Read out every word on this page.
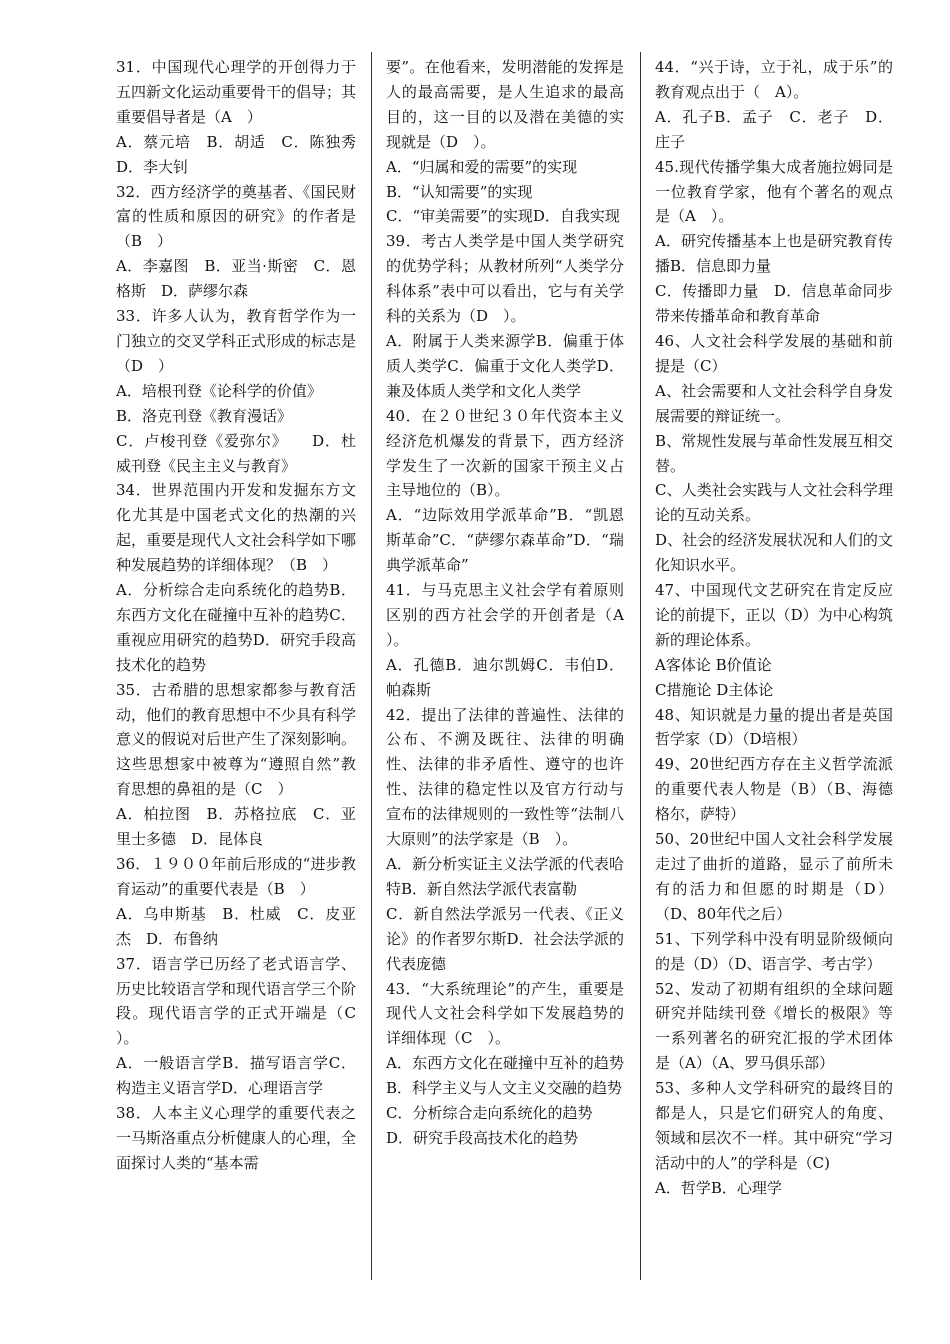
31．中国现代心理学的开创得力于五四新文化运动重要骨干的倡导；其重要倡导者是（A　）

A．蔡元培　B．胡适　C．陈独秀　D．李大钊

32．西方经济学的奠基者、《国民财富的性质和原因的研究》的作者是（B　）

A．李嘉图　B．亚当·斯密　C．恩格斯　D．萨缪尔森

33．许多人认为，教育哲学作为一门独立的交叉学科正式形成的标志是（D　）

A．培根刊登《论科学的价值》

B．洛克刊登《教育漫话》

C．卢梭刊登《爱弥尔》　　D．杜威刊登《民主主义与教育》

34．世界范围内开发和发掘东方文化尤其是中国老式文化的热潮的兴起，重要是现代人文社会科学如下哪种发展趋势的详细体现？（B　）

A．分析综合走向系统化的趋势B．东西方文化在碰撞中互补的趋势C．重视应用研究的趋势D．研究手段高技术化的趋势

35．古希腊的思想家都参与教育活动，他们的教育思想中不少具有科学意义的假说对后世产生了深刻影响。这些思想家中被尊为“遵照自然”教育思想的鼻祖的是（C　）

A．柏拉图　B．苏格拉底　C．亚里士多德　D．昆体良

36．１９００年前后形成的“进步教育运动”的重要代表是（B　）

A．乌申斯基　B．杜威　C．皮亚杰　D．布鲁纳

37．语言学已历经了老式语言学、历史比较语言学和现代语言学三个阶段。现代语言学的正式开端是（C　）。

A．一般语言学B．描写语言学C．构造主义语言学D．心理语言学

38．人本主义心理学的重要代表之一马斯洛重点分析健康人的心理，全面探讨人类的“基本需

要”。在他看来，发明潜能的发挥是人的最高需要，是人生追求的最高目的，这一目的以及潜在美德的实现就是（D　）。

A．“归属和爱的需要”的实现

B．“认知需要”的实现

C．“审美需要”的实现D．自我实现

39．考古人类学是中国人类学研究的优势学科；从教材所列“人类学分科体系”表中可以看出，它与有关学科的关系为（D　）。

A．附属于人类来源学B．偏重于体质人类学C．偏重于文化人类学D．兼及体质人类学和文化人类学

40．在２０世纪３０年代资本主义经济危机爆发的背景下，西方经济学发生了一次新的国家干预主义占主导地位的（B）。

A．“边际效用学派革命”B．“凯恩斯革命”C．“萨缪尔森革命”D．“瑞典学派革命”

41．与马克思主义社会学有着原则区别的西方社会学的开创者是（A　）。

A．孔德B．迪尔凯姆C．韦伯D．帕森斯

42．提出了法律的普遍性、法律的公布、不溯及既往、法律的明确性、法律的非矛盾性、遵守的也许性、法律的稳定性以及官方行动与宣布的法律规则的一致性等“法制八大原则”的法学家是（B　）。

A．新分析实证主义法学派的代表哈特B．新自然法学派代表富勒

C．新自然法学派另一代表、《正义论》的作者罗尔斯D．社会法学派的代表庞德

43．“大系统理论”的产生，重要是现代人文社会科学如下发展趋势的详细体现（C　）。

A．东西方文化在碰撞中互补的趋势B．科学主义与人文主义交融的趋势

C．分析综合走向系统化的趋势

D．研究手段高技术化的趋势

44．“兴于诗，立于礼，成于乐”的教育观点出于（　A）。

A．孔子B．孟子　C．老子　D．庄子

45.现代传播学集大成者施拉姆同是一位教育学家，他有个著名的观点是（A　）。

A．研究传播基本上也是研究教育传播B．信息即力量

C．传播即力量　D．信息革命同步带来传播革命和教育革命

46、人文社会科学发展的基础和前提是（C）

A、社会需要和人文社会科学自身发展需要的辩证统一。

B、常规性发展与革命性发展互相交替。

C、人类社会实践与人文社会科学理论的互动关系。

D、社会的经济发展状况和人们的文化知识水平。

47、中国现代文艺研究在肯定反应论的前提下，正以（D）为中心构筑新的理论体系。

A客体论 B价值论

C措施论 D主体论

48、知识就是力量的提出者是英国哲学家（D）（D培根）

49、20世纪西方存在主义哲学流派的重要代表人物是（B）（B、海德格尔，萨特）

50、20世纪中国人文社会科学发展走过了曲折的道路，显示了前所未有的活力和但愿的时期是（D）（D、80年代之后）

51、下列学科中没有明显阶级倾向的是（D）（D、语言学、考古学）

52、发动了初期有组织的全球问题研究并陆续刊登《增长的极限》等一系列著名的研究汇报的学术团体是（A）（A、罗马俱乐部）

53、多种人文学科研究的最终目的都是人，只是它们研究人的角度、领域和层次不一样。其中研究“学习活动中的人”的学科是（C)

A．哲学B．心理学
